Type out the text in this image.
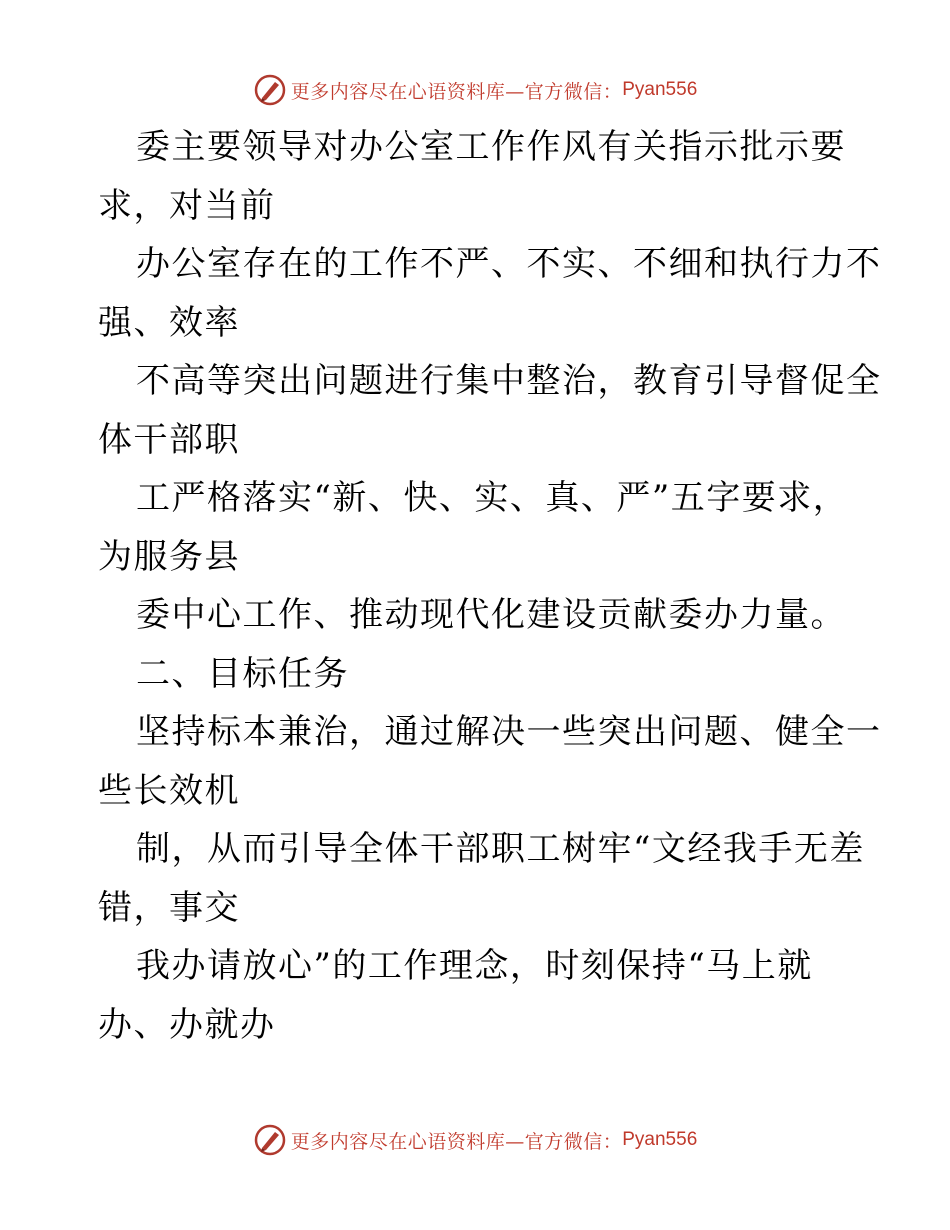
更多内容尽在心语资料库—官方微信： Pyan556
委主要领导对办公室工作作风有关指示批示要
求，对当前
办公室存在的工作不严、不实、不细和执行力不
强、效率
不高等突出问题进行集中整治，教育引导督促全
体干部职
工严格落实“新、快、实、真、严”五字要求，
为服务县
委中心工作、推动现代化建设贡献委办力量。
二、目标任务
坚持标本兼治，通过解决一些突出问题、健全一
些长效机
制，从而引导全体干部职工树牢“文经我手无差
错，事交
我办请放心”的工作理念，时刻保持“马上就
办、办就办
更多内容尽在心语资料库—官方微信： Pyan556
